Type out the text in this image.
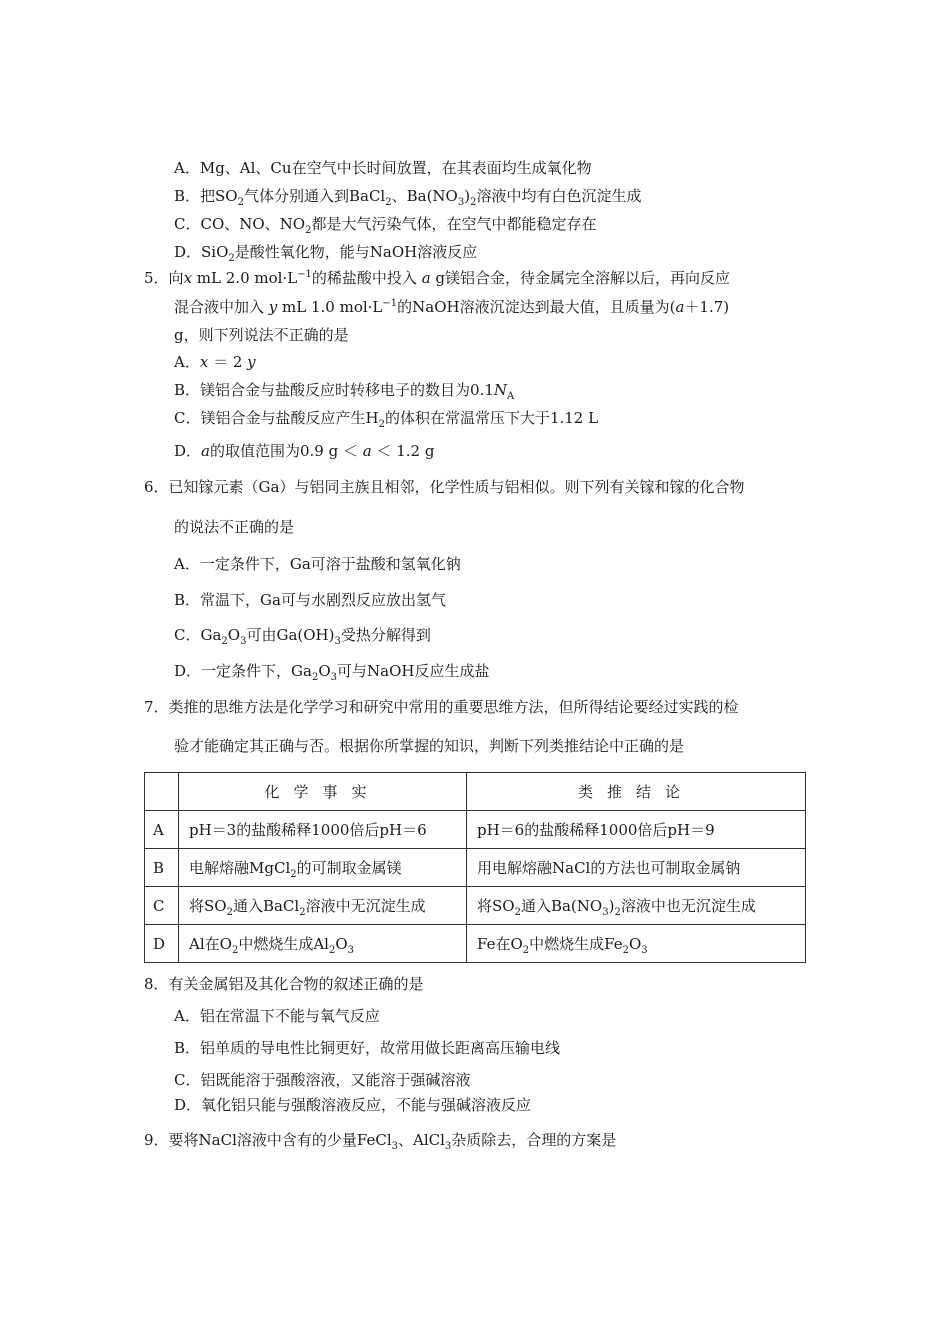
A．Mg、Al、Cu在空气中长时间放置，在其表面均生成氧化物
B．把$SO_2$气体分别通入到BaCl$_2$、$Ba(NO_3)_2$溶液中均有白色沉淀生成
C．CO、NO、$NO_2$都是大气污染气体，在空气中都能稳定存在
D．SiO$_2$是酸性氧化物，能与NaOH溶液反应
5．向x mL 2.0 $mol\cdot L^{-1}$的稀盐酸中投入 a g镁铝合金，待金属完全溶解以后，再向反应
混合液中加入 y mL 1.0 $mol\cdot L^{-1}$的NaOH溶液沉淀达到最大值，且质量为(a＋1.7)
g，则下列说法不正确的是
A．x ＝ 2 y
B．镁铝合金与盐酸反应时转移电子的数目为$0.1N_A$
C．镁铝合金与盐酸反应产生$H_2$的体积在常温常压下大于1.12 L
D．a的取值范围为0.9 g ＜ a ＜ 1.2 g
6．已知镓元素（Ga）与铝同主族且相邻，化学性质与铝相似。则下列有关镓和镓的化合物
的说法不正确的是
A．一定条件下，Ga可溶于盐酸和氢氧化钠
B．常温下，Ga可与水剧烈反应放出氢气
C．$Ga_2O_3$可由$Ga(OH)_3$受热分解得到
D．一定条件下，$Ga_2O_3$可与NaOH反应生成盐
7．类推的思维方法是化学学习和研究中常用的重要思维方法，但所得结论要经过实践的检
验才能确定其正确与否。根据你所掌握的知识，判断下列类推结论中正确的是
	化学事实	类推结论
A	pH＝3的盐酸稀释1000倍后pH＝6	pH＝6的盐酸稀释1000倍后pH＝9
B	电解熔融MgCl$_2$的可制取金属镁	用电解熔融NaCl的方法也可制取金属钠
C	将$SO_2$通入BaCl$_2$溶液中无沉淀生成	将$SO_2$通入$Ba(NO_3)_2$溶液中也无沉淀生成
D	Al在$O_2$中燃烧生成$Al_2O_3$	Fe在$O_2$中燃烧生成$Fe_2O_3$
8．有关金属铝及其化合物的叙述正确的是
A．铝在常温下不能与氧气反应
B．铝单质的导电性比铜更好，故常用做长距离高压输电线
C．铝既能溶于强酸溶液，又能溶于强碱溶液
D．氧化铝只能与强酸溶液反应，不能与强碱溶液反应
9．要将NaCl溶液中含有的少量FeCl$_3$、AlCl$_3$杂质除去，合理的方案是
